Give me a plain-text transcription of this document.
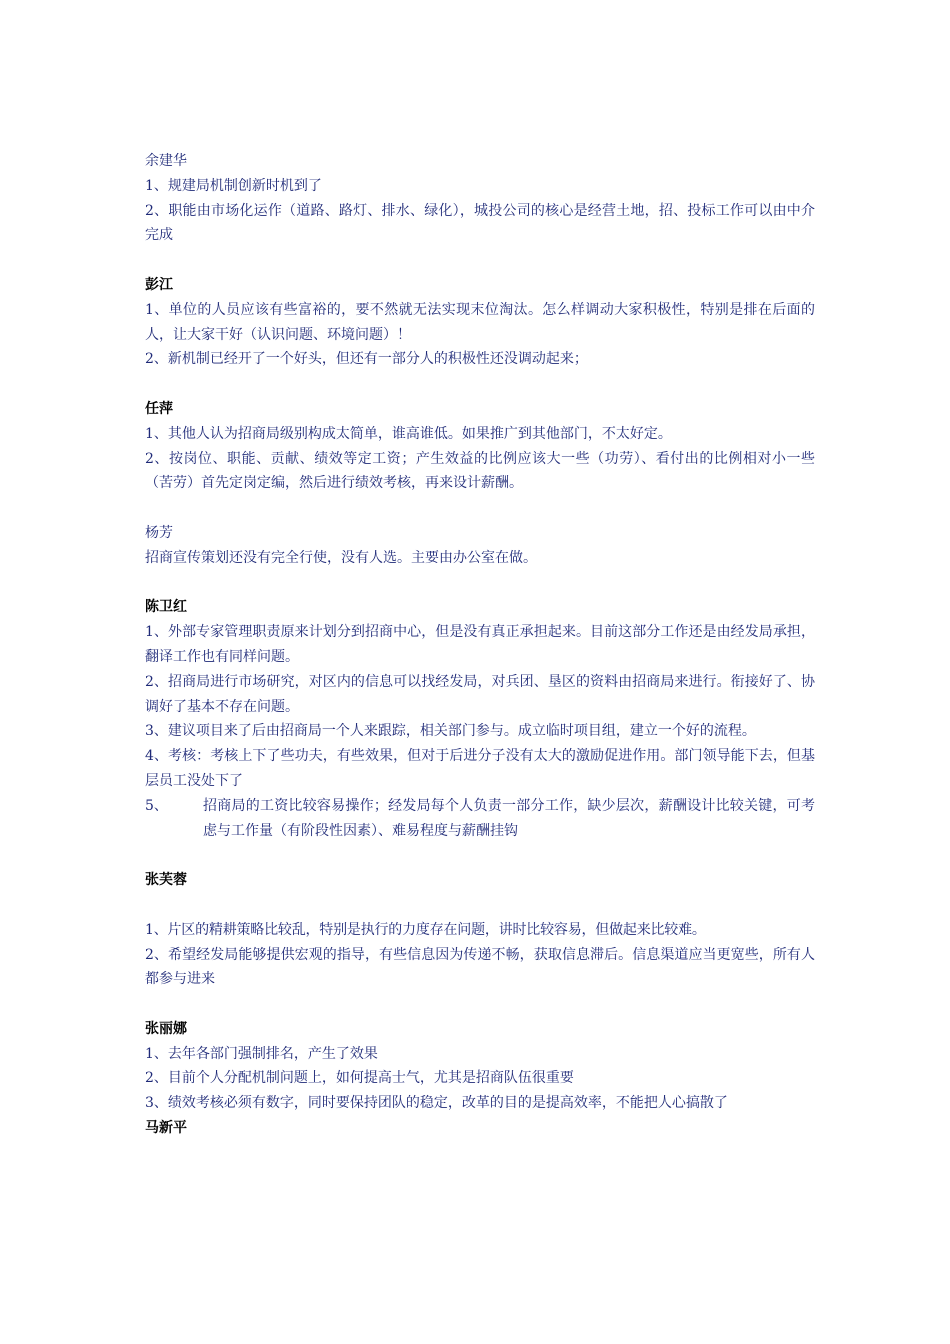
余建华

1、规建局机制创新时机到了

2、职能由市场化运作（道路、路灯、排水、绿化），城投公司的核心是经营土地，招、投标工作可以由中介完成

彭江

1、单位的人员应该有些富裕的，要不然就无法实现末位淘汰。怎么样调动大家积极性，特别是排在后面的人，让大家干好（认识问题、环境问题）！

2、新机制已经开了一个好头，但还有一部分人的积极性还没调动起来；

任萍

1、其他人认为招商局级别构成太简单，谁高谁低。如果推广到其他部门，不太好定。

2、按岗位、职能、贡献、绩效等定工资；产生效益的比例应该大一些（功劳）、看付出的比例相对小一些（苦劳）首先定岗定编，然后进行绩效考核，再来设计薪酬。

杨芳

招商宣传策划还没有完全行使，没有人选。主要由办公室在做。

陈卫红

1、外部专家管理职责原来计划分到招商中心，但是没有真正承担起来。目前这部分工作还是由经发局承担，翻译工作也有同样问题。

2、招商局进行市场研究，对区内的信息可以找经发局，对兵团、垦区的资料由招商局来进行。衔接好了、协调好了基本不存在问题。

3、建议项目来了后由招商局一个人来跟踪，相关部门参与。成立临时项目组，建立一个好的流程。

4、考核：考核上下了些功夫，有些效果，但对于后进分子没有太大的激励促进作用。部门领导能下去，但基层员工没处下了

5、	招商局的工资比较容易操作；经发局每个人负责一部分工作，缺少层次，薪酬设计比较关键，可考虑与工作量（有阶段性因素）、难易程度与薪酬挂钩

张芙蓉

1、片区的精耕策略比较乱，特别是执行的力度存在问题，讲时比较容易，但做起来比较难。

2、希望经发局能够提供宏观的指导，有些信息因为传递不畅，获取信息滞后。信息渠道应当更宽些，所有人都参与进来

张丽娜

1、去年各部门强制排名，产生了效果

2、目前个人分配机制问题上，如何提高士气，尤其是招商队伍很重要

3、绩效考核必须有数字，同时要保持团队的稳定，改革的目的是提高效率，不能把人心搞散了

马新平
